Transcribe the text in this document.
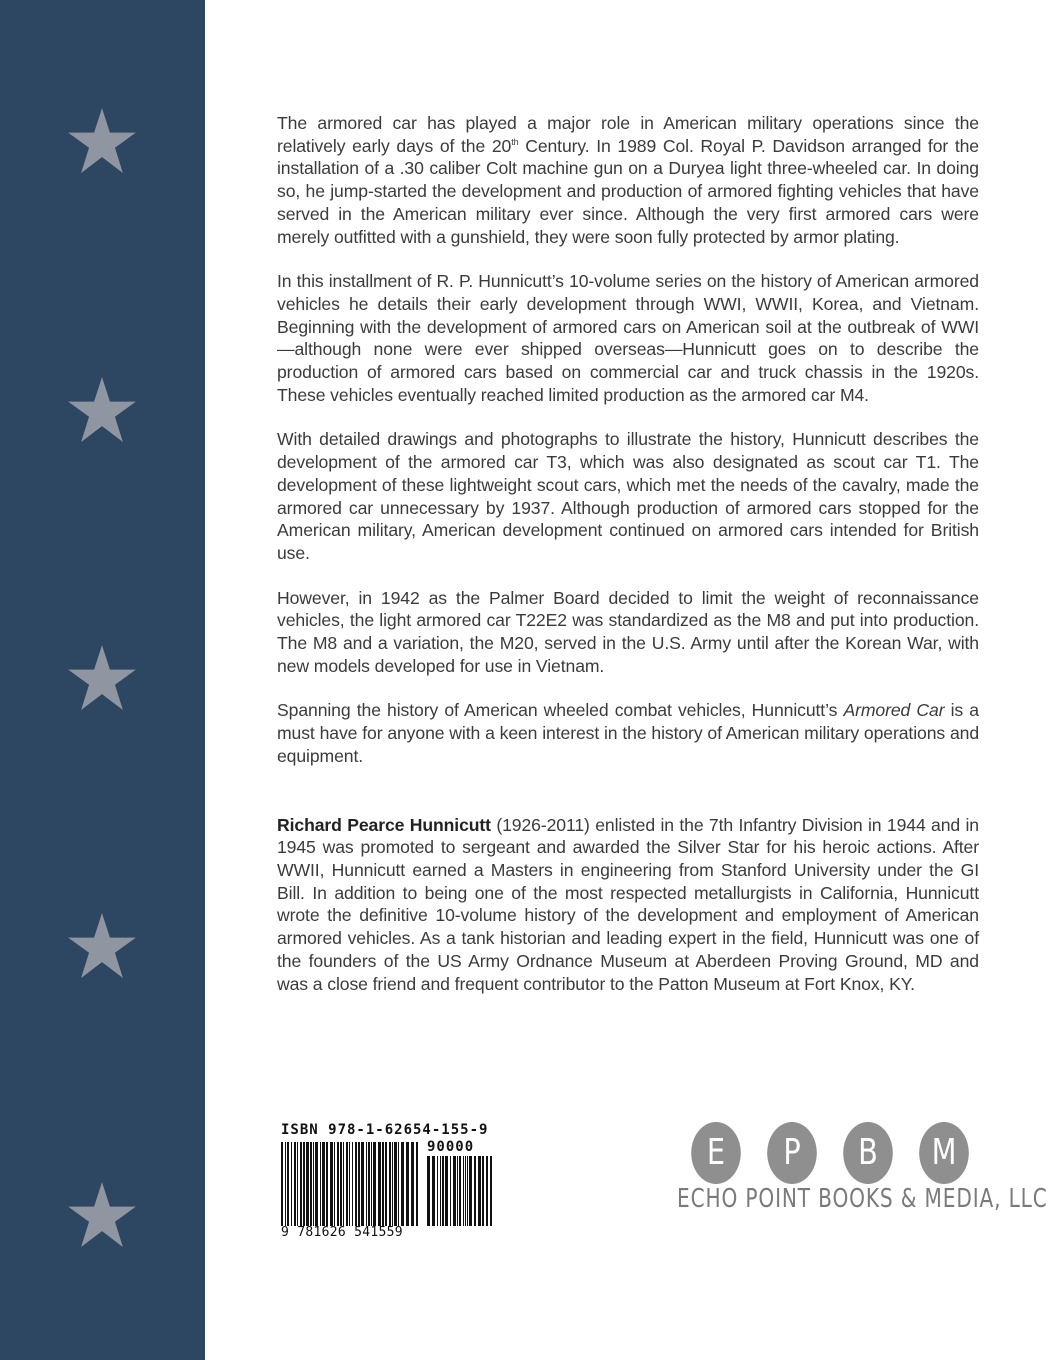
The armored car has played a major role in American military operations since the relatively early days of the 20th Century. In 1989 Col. Royal P. Davidson arranged for the installation of a .30 caliber Colt machine gun on a Duryea light three-wheeled car. In doing so, he jump-started the development and production of armored fighting vehicles that have served in the American military ever since. Although the very first armored cars were merely outfitted with a gunshield, they were soon fully protected by armor plating.

In this installment of R. P. Hunnicutt’s 10-volume series on the history of American armored vehicles he details their early development through WWI, WWII, Korea, and Vietnam. Beginning with the development of armored cars on American soil at the outbreak of WWI—although none were ever shipped overseas—Hunnicutt goes on to describe the production of armored cars based on commercial car and truck chassis in the 1920s. These vehicles eventually reached limited production as the armored car M4.

With detailed drawings and photographs to illustrate the history, Hunnicutt describes the development of the armored car T3, which was also designated as scout car T1. The development of these lightweight scout cars, which met the needs of the cavalry, made the armored car unnecessary by 1937. Although production of armored cars stopped for the American military, American development continued on armored cars intended for British use.

However, in 1942 as the Palmer Board decided to limit the weight of reconnaissance vehicles, the light armored car T22E2 was standardized as the M8 and put into production. The M8 and a variation, the M20, served in the U.S. Army until after the Korean War, with new models developed for use in Vietnam.

Spanning the history of American wheeled combat vehicles, Hunnicutt’s Armored Car is a must have for anyone with a keen interest in the history of American military operations and equipment.

Richard Pearce Hunnicutt (1926-2011) enlisted in the 7th Infantry Division in 1944 and in 1945 was promoted to sergeant and awarded the Silver Star for his heroic actions. After WWII, Hunnicutt earned a Masters in engineering from Stanford University under the GI Bill. In addition to being one of the most respected metallurgists in California, Hunnicutt wrote the definitive 10-volume history of the development and employment of American armored vehicles. As a tank historian and leading expert in the field, Hunnicutt was one of the founders of the US Army Ordnance Museum at Aberdeen Proving Ground, MD and was a close friend and frequent contributor to the Patton Museum at Fort Knox, KY.

ISBN 978-1-62654-155-9
90000
9 781626 541559
E	P	B	M
ECHO POINT BOOKS & MEDIA, LLC
